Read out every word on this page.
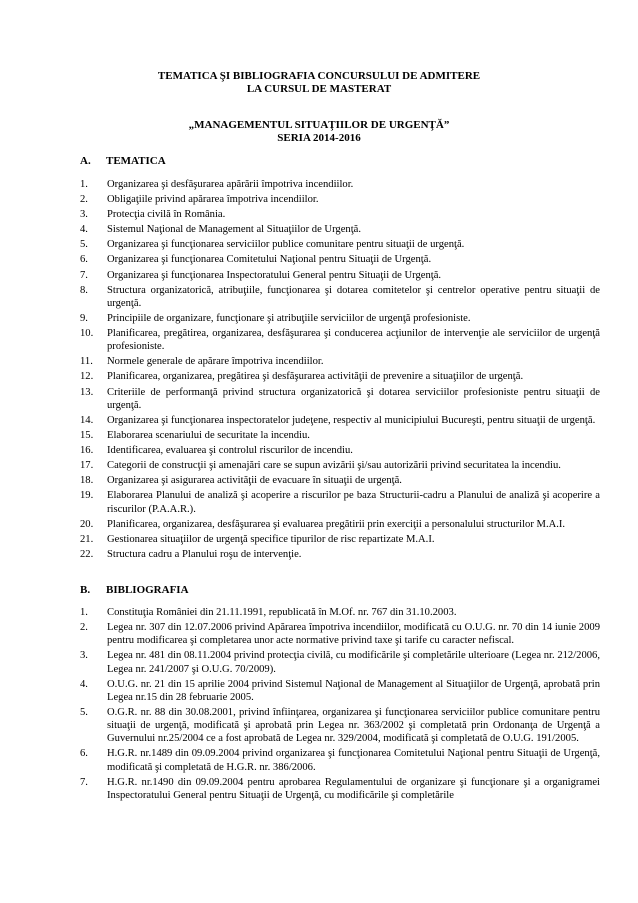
TEMATICA ŞI BIBLIOGRAFIA CONCURSULUI DE ADMITERE
LA CURSUL DE MASTERAT
„MANAGEMENTUL SITUAŢIILOR DE URGENŢĂ”
SERIA 2014-2016
A. TEMATICA
1.	Organizarea şi desfăşurarea apărării împotriva incendiilor.
2.	Obligaţiile privind apărarea împotriva incendiilor.
3.	Protecţia civilă în România.
4.	Sistemul Naţional de Management al Situaţiilor de Urgenţă.
5.	Organizarea şi funcţionarea serviciilor publice comunitare pentru situaţii de urgenţă.
6.	Organizarea şi funcţionarea Comitetului Naţional pentru Situaţii de Urgenţă.
7.	Organizarea şi funcţionarea Inspectoratului General pentru Situaţii de Urgenţă.
8.	Structura organizatorică, atribuţiile, funcţionarea şi dotarea comitetelor şi centrelor operative pentru situaţii de urgenţă.
9.	Principiile de organizare, funcţionare şi atribuţiile serviciilor de urgenţă profesioniste.
10.	Planificarea, pregătirea, organizarea, desfăşurarea şi conducerea acţiunilor de intervenţie ale serviciilor de urgenţă profesioniste.
11.	Normele generale de apărare împotriva incendiilor.
12.	Planificarea, organizarea, pregătirea şi desfăşurarea activităţii de prevenire a situaţiilor de urgenţă.
13.	Criteriile de performanţă privind structura organizatorică şi dotarea serviciilor profesioniste pentru situaţii de urgenţă.
14.	Organizarea şi funcţionarea inspectoratelor judeţene, respectiv al municipiului Bucureşti, pentru situaţii de urgenţă.
15.	Elaborarea scenariului de securitate la incendiu.
16.	Identificarea, evaluarea şi controlul riscurilor de incendiu.
17.	Categorii de construcţii şi amenajări care se supun avizării şi/sau autorizării privind securitatea la incendiu.
18.	Organizarea şi asigurarea activităţii de evacuare în situaţii de urgenţă.
19.	Elaborarea Planului de analiză şi acoperire a riscurilor pe baza Structurii-cadru a Planului de analiză şi acoperire a riscurilor (P.A.A.R.).
20.	Planificarea, organizarea, desfăşurarea şi evaluarea pregătirii prin exerciţii a personalului structurilor M.A.I.
21.	Gestionarea situaţiilor de urgenţă specifice tipurilor de risc repartizate M.A.I.
22.	Structura cadru a Planului roşu de intervenţie.
B. BIBLIOGRAFIA
1.	Constituţia României din 21.11.1991, republicată în M.Of. nr. 767 din 31.10.2003.
2.	Legea nr. 307 din 12.07.2006 privind Apărarea împotriva incendiilor, modificată cu O.U.G. nr. 70 din 14 iunie 2009 pentru modificarea şi completarea unor acte normative privind taxe şi tarife cu caracter nefiscal.
3.	Legea nr. 481 din 08.11.2004 privind protecţia civilă, cu modificările şi completările ulterioare (Legea nr. 212/2006, Legea nr. 241/2007 şi O.U.G. 70/2009).
4.	O.U.G. nr. 21 din 15 aprilie 2004 privind Sistemul Naţional de Management al Situaţiilor de Urgenţă, aprobată prin Legea nr.15 din 28 februarie 2005.
5.	O.G.R. nr. 88 din 30.08.2001, privind înfiinţarea, organizarea şi funcţionarea serviciilor publice comunitare pentru situaţii de urgenţă, modificată şi aprobată prin Legea nr. 363/2002 şi completată prin Ordonanţa de Urgenţă a Guvernului nr.25/2004 ce a fost aprobată de Legea nr. 329/2004, modificată şi completată de O.U.G. 191/2005.
6.	H.G.R. nr.1489 din 09.09.2004 privind organizarea şi funcţionarea Comitetului Naţional pentru Situaţii de Urgenţă, modificată şi completată de H.G.R. nr. 386/2006.
7.	H.G.R. nr.1490 din 09.09.2004 pentru aprobarea Regulamentului de organizare şi funcţionare şi a organigramei Inspectoratului General pentru Situaţii de Urgenţă, cu modificările şi completările
